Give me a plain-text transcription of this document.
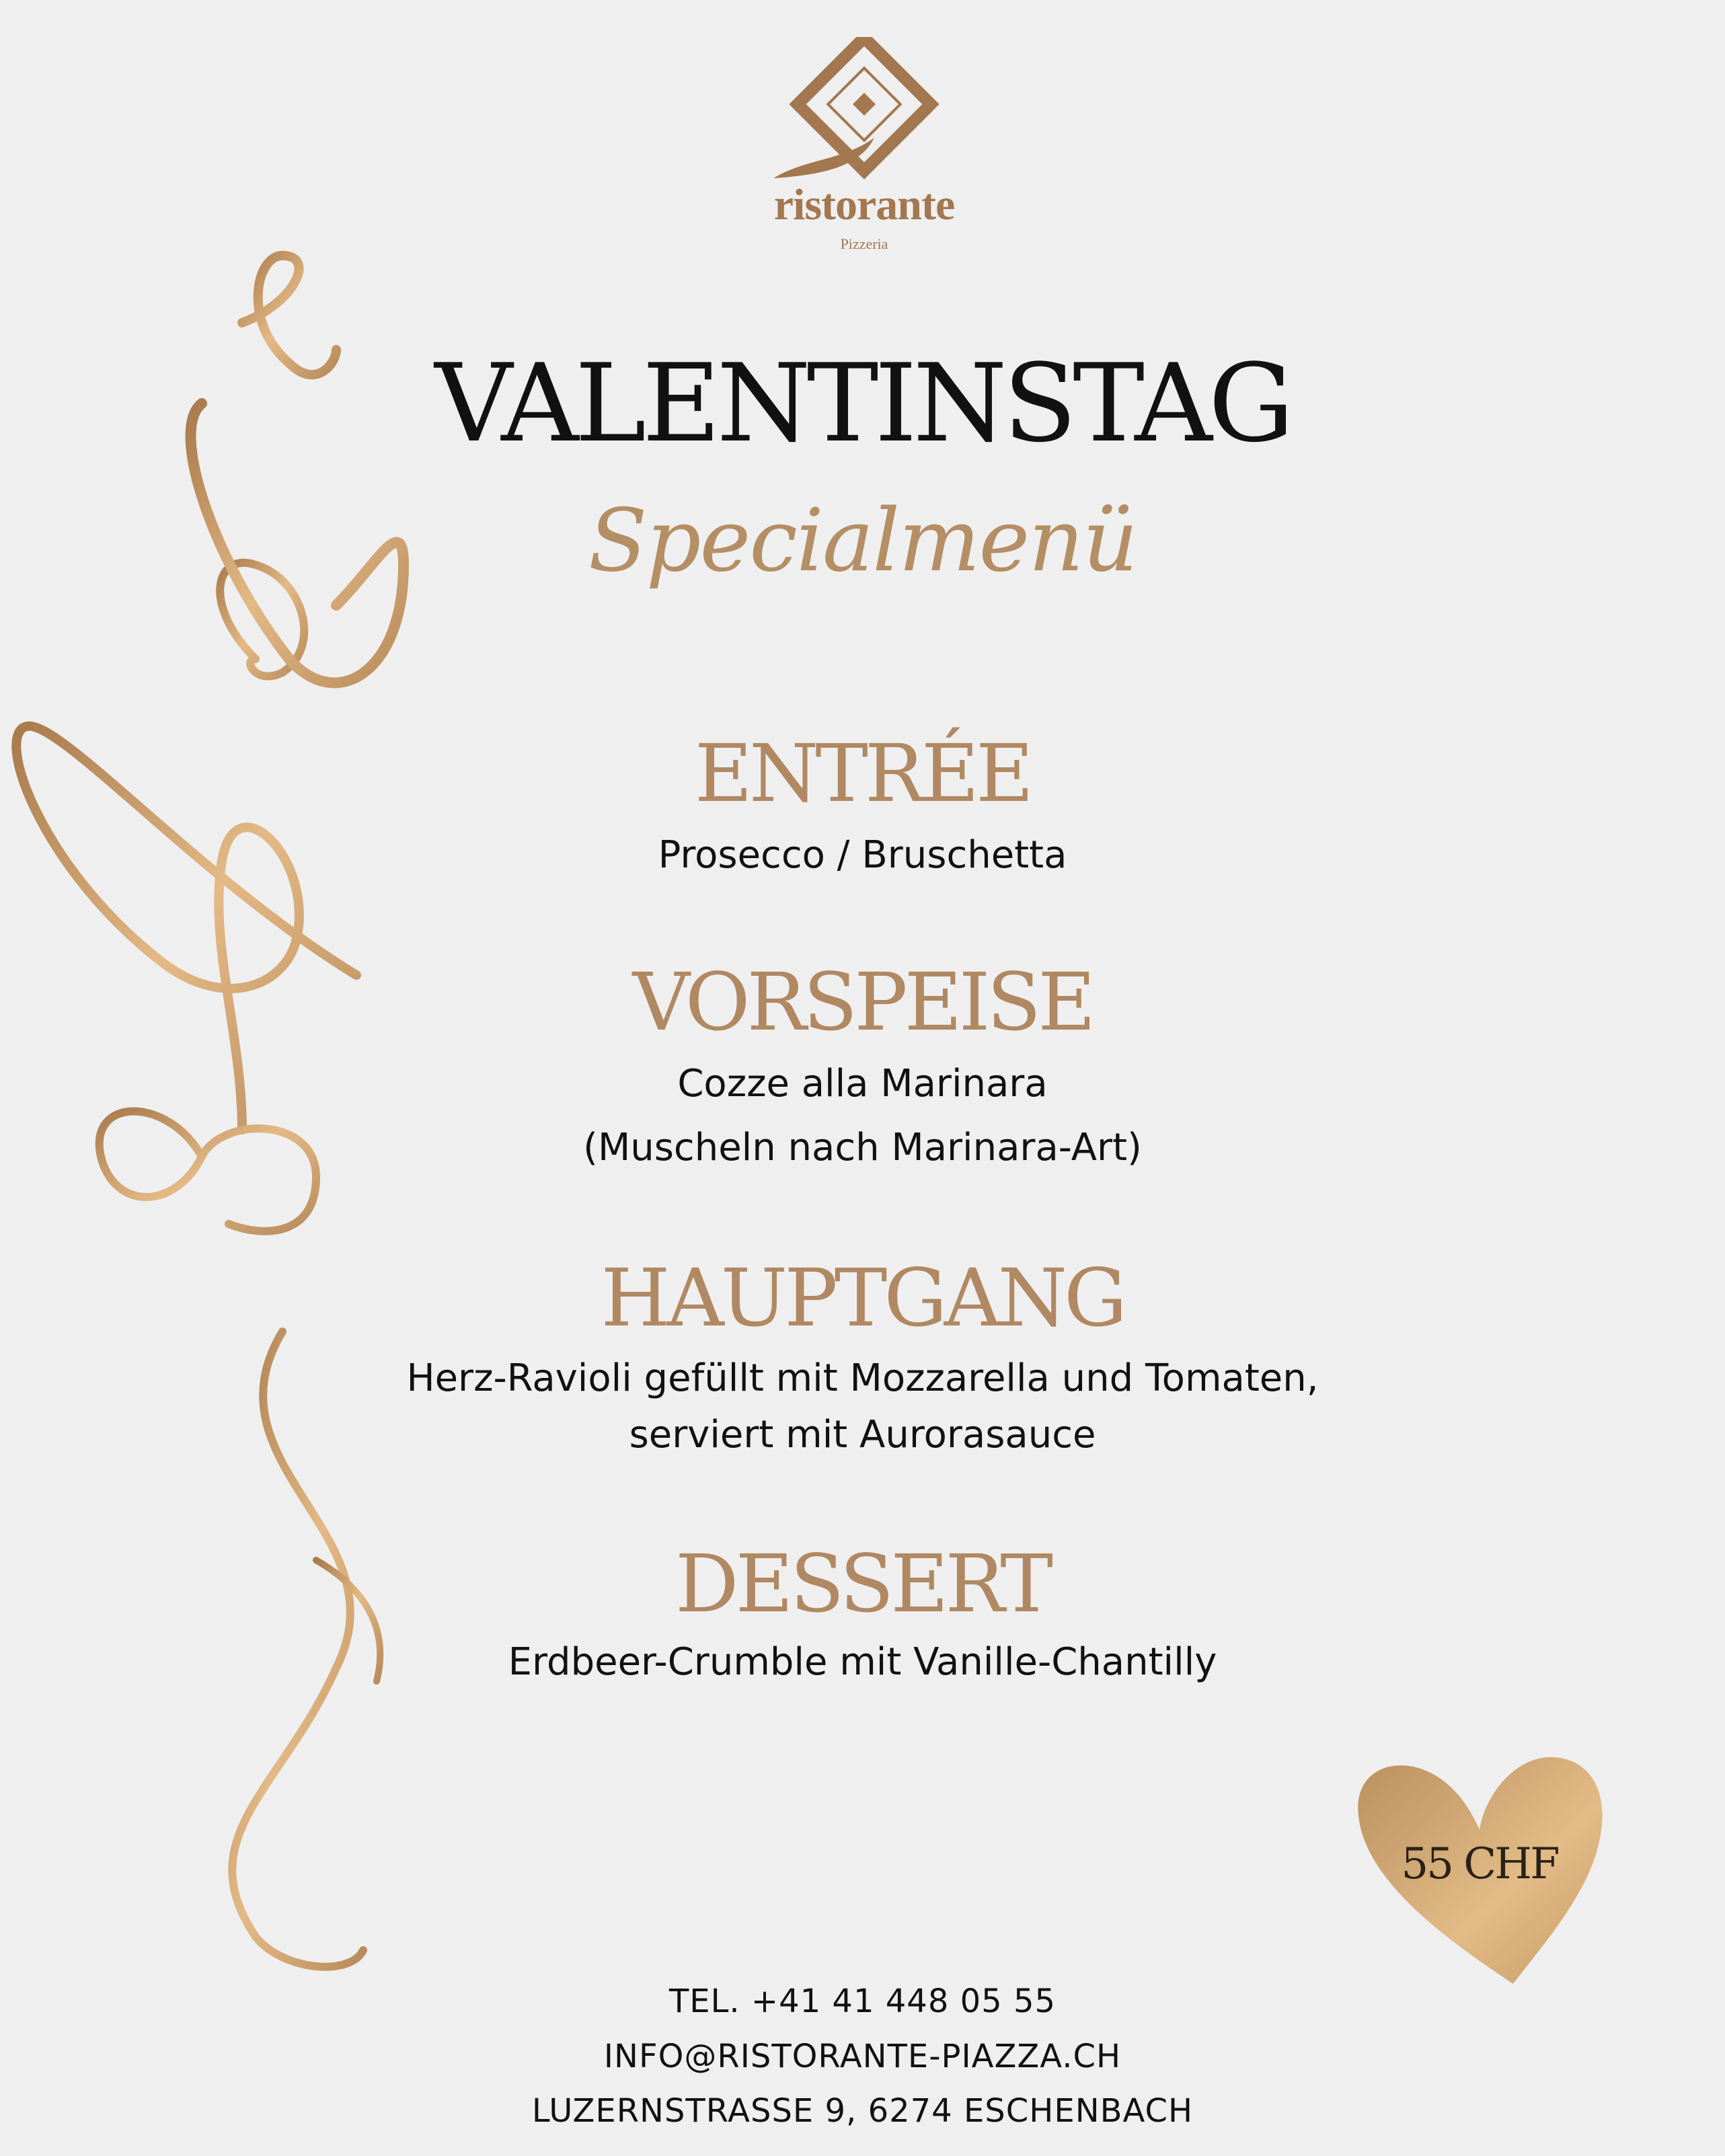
ristorante
Pizzeria
VALENTINSTAG
Specialmenü
ENTRÉE
Prosecco / Bruschetta
VORSPEISE
Cozze alla Marinara
(Muscheln nach Marinara-Art)
HAUPTGANG
Herz-Ravioli gefüllt mit Mozzarella und Tomaten,
serviert mit Aurorasauce
DESSERT
Erdbeer-Crumble mit Vanille-Chantilly
55 CHF
TEL. +41 41 448 05 55
INFO@RISTORANTE-PIAZZA.CH
LUZERNSTRASSE 9, 6274 ESCHENBACH
